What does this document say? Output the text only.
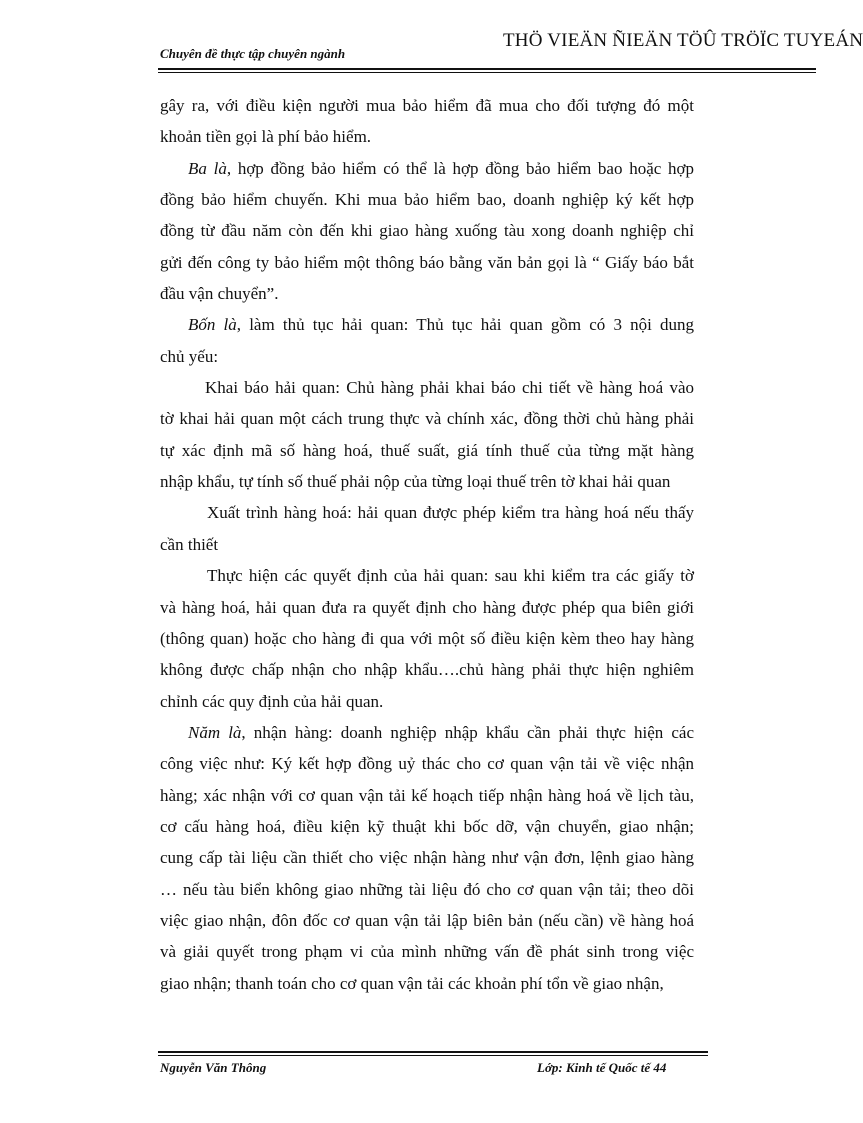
Chuyên đề thực tập chuyên ngành
THÖ VIEÄN ÑIEÄN TÖÛ TRÖÏC TUYEÁN
gây ra, với điều kiện người mua bảo hiểm đã mua cho đối tượng đó một
khoản tiền gọi là phí bảo hiểm.
Ba là, hợp đồng bảo hiểm có thể là hợp đồng bảo hiểm bao hoặc hợp
đồng bảo hiểm chuyến. Khi mua bảo hiểm bao, doanh nghiệp ký kết hợp
đồng từ đầu năm còn đến khi giao hàng xuống tàu xong doanh nghiệp chỉ
gửi đến công ty bảo hiểm một thông báo bằng văn bản gọi là “ Giấy báo bắt
đầu vận chuyển”.
Bốn là, làm thủ tục hải quan: Thủ tục hải quan gồm có 3 nội dung
chủ yếu:
Khai báo hải quan: Chủ hàng phải khai báo chi tiết về hàng hoá vào
tờ khai hải quan một cách trung thực và chính xác, đồng thời chủ hàng phải
tự xác định mã số hàng hoá, thuế suất, giá tính thuế của từng mặt hàng
nhập khẩu, tự tính số thuế phải nộp của từng loại thuế trên tờ khai hải quan
Xuất trình hàng hoá: hải quan được phép kiểm tra hàng hoá nếu thấy
cần thiết
Thực hiện các quyết định của hải quan: sau khi kiểm tra các giấy tờ
và hàng hoá, hải quan đưa ra quyết định cho hàng được phép qua biên giới
(thông quan) hoặc cho hàng đi qua với một số điều kiện kèm theo hay hàng
không được chấp nhận cho nhập khẩu….chủ hàng phải thực hiện nghiêm
chỉnh các quy định của hải quan.
Năm là, nhận hàng: doanh nghiệp nhập khẩu cần phải thực hiện các
công việc như: Ký kết hợp đồng uỷ thác cho cơ quan vận tải về việc nhận
hàng; xác nhận với cơ quan vận tải kế hoạch tiếp nhận hàng hoá về lịch tàu,
cơ cấu hàng hoá, điều kiện kỹ thuật khi bốc dỡ, vận chuyển, giao nhận;
cung cấp tài liệu cần thiết cho việc nhận hàng như vận đơn, lệnh giao hàng
… nếu tàu biển không giao những tài liệu đó cho cơ quan vận tải; theo dõi
việc giao nhận, đôn đốc cơ quan vận tải lập biên bản (nếu cần) về hàng hoá
và giải quyết trong phạm vi của mình những vấn đề phát sinh trong việc
giao nhận; thanh toán cho cơ quan vận tải các khoản phí tổn về giao nhận,
Nguyễn Văn Thông	Lớp: Kinh tế Quốc tế 44
